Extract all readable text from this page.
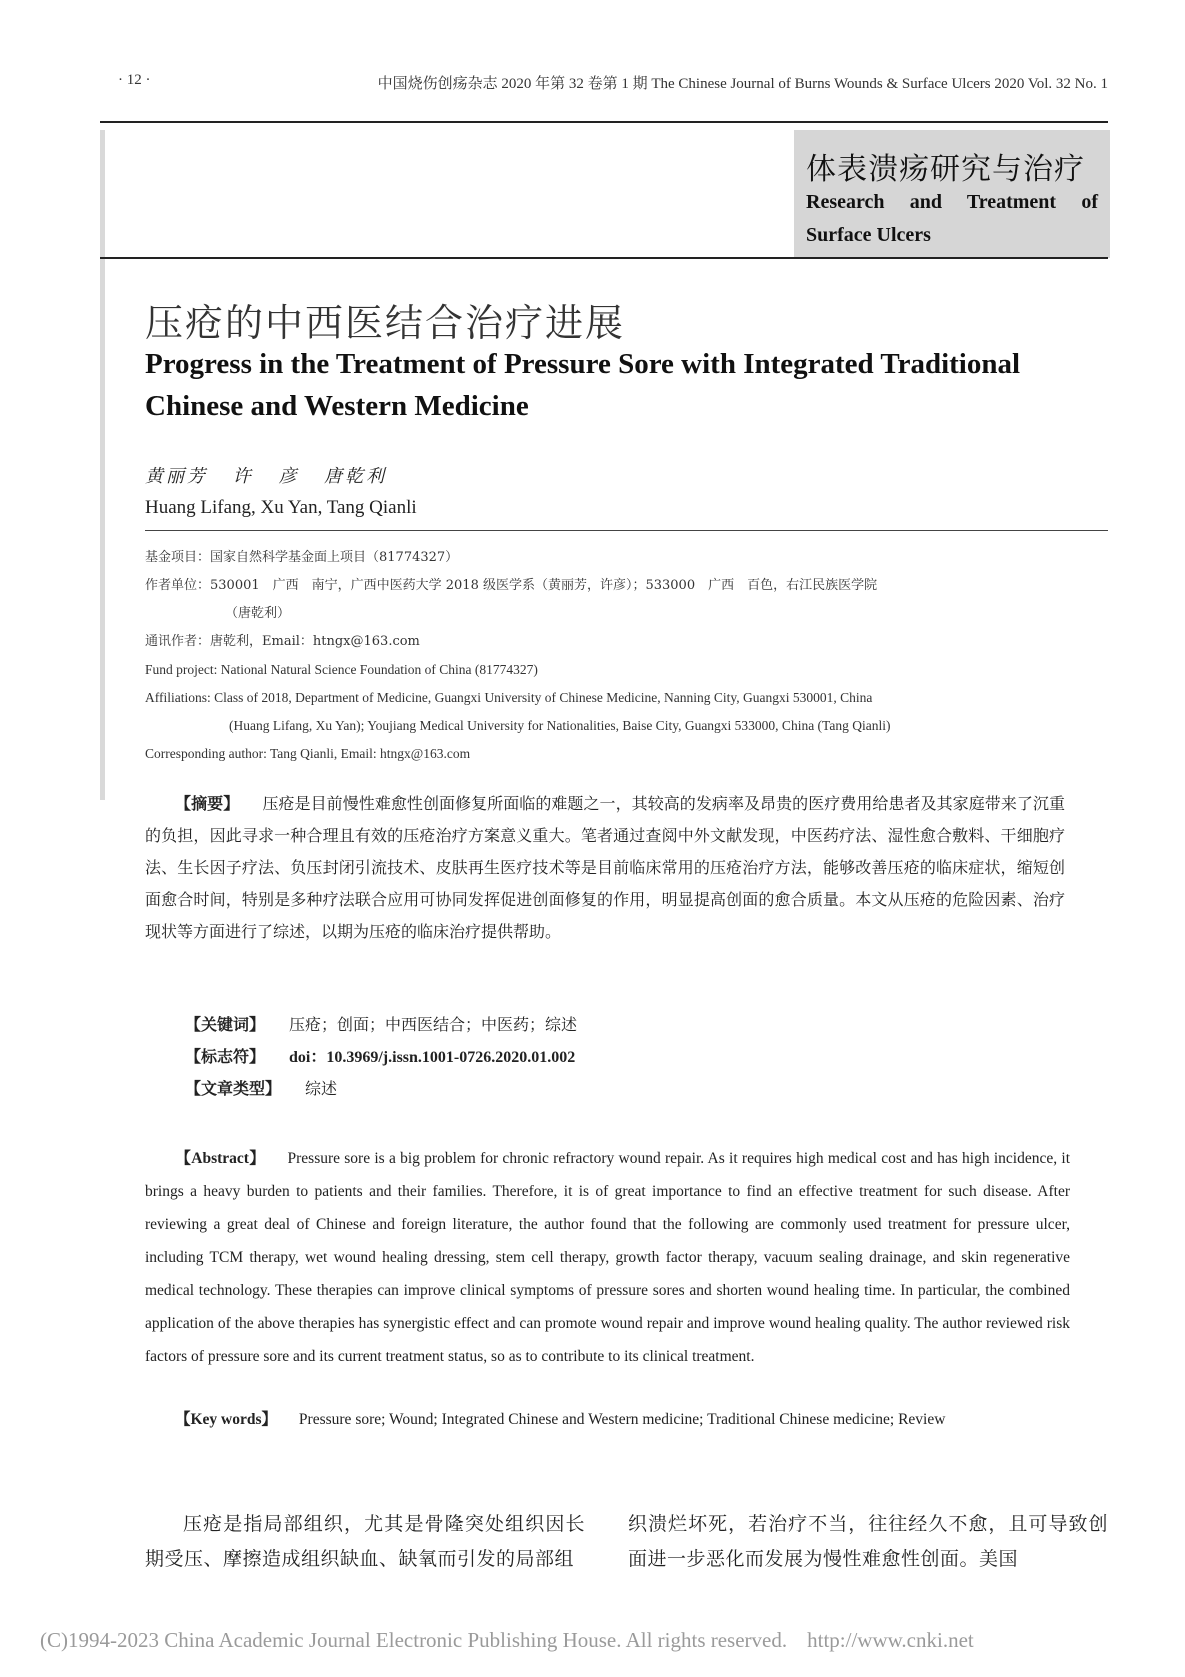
· 12 ·	中国烧伤创疡杂志 2020 年第 32 卷第 1 期 The Chinese Journal of Burns Wounds & Surface Ulcers 2020 Vol. 32 No. 1
体表溃疡研究与治疗
Research and Treatment of
Surface Ulcers
压疮的中西医结合治疗进展
Progress in the Treatment of Pressure Sore with Integrated Traditional Chinese and Western Medicine
黄丽芳 许 彦 唐乾利
Huang Lifang, Xu Yan, Tang Qianli
基金项目：国家自然科学基金面上项目（81774327）
作者单位：530001　广西　南宁，广西中医药大学 2018 级医学系（黄丽芳，许彦）；533000　广西　百色，右江民族医学院
（唐乾利）
通讯作者：唐乾利，Email：htngx@163.com
Fund project: National Natural Science Foundation of China (81774327)
Affiliations: Class of 2018, Department of Medicine, Guangxi University of Chinese Medicine, Nanning City, Guangxi 530001, China
(Huang Lifang, Xu Yan); Youjiang Medical University for Nationalities, Baise City, Guangxi 533000, China (Tang Qianli)
Corresponding author: Tang Qianli, Email: htngx@163.com
【摘要】 压疮是目前慢性难愈性创面修复所面临的难题之一，其较高的发病率及昂贵的医疗费用给患者及其家庭带来了沉重的负担，因此寻求一种合理且有效的压疮治疗方案意义重大。笔者通过查阅中外文献发现，中医药疗法、湿性愈合敷料、干细胞疗法、生长因子疗法、负压封闭引流技术、皮肤再生医疗技术等是目前临床常用的压疮治疗方法，能够改善压疮的临床症状，缩短创面愈合时间，特别是多种疗法联合应用可协同发挥促进创面修复的作用，明显提高创面的愈合质量。本文从压疮的危险因素、治疗现状等方面进行了综述，以期为压疮的临床治疗提供帮助。
【关键词】 压疮；创面；中西医结合；中医药；综述
【标志符】 doi：10.3969/j.issn.1001-0726.2020.01.002
【文章类型】 综述
【Abstract】 Pressure sore is a big problem for chronic refractory wound repair. As it requires high medical cost and has high incidence, it brings a heavy burden to patients and their families. Therefore, it is of great importance to find an effective treatment for such disease. After reviewing a great deal of Chinese and foreign literature, the author found that the following are commonly used treatment for pressure ulcer, including TCM therapy, wet wound healing dressing, stem cell therapy, growth factor therapy, vacuum sealing drainage, and skin regenerative medical technology. These therapies can improve clinical symptoms of pressure sores and shorten wound healing time. In particular, the combined application of the above therapies has synergistic effect and can promote wound repair and improve wound healing quality. The author reviewed risk factors of pressure sore and its current treatment status, so as to contribute to its clinical treatment.
【Key words】 Pressure sore; Wound; Integrated Chinese and Western medicine; Traditional Chinese medicine; Review
压疮是指局部组织，尤其是骨隆突处组织因长期受压、摩擦造成组织缺血、缺氧而引发的局部组
织溃烂坏死，若治疗不当，往往经久不愈，且可导致创面进一步恶化而发展为慢性难愈性创面。美国
(C)1994-2023 China Academic Journal Electronic Publishing House. All rights reserved. http://www.cnki.net
